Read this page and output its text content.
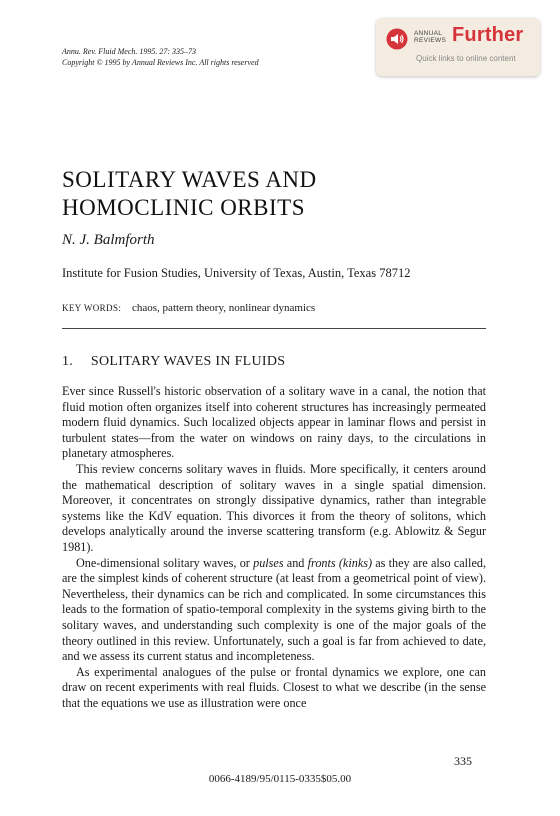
Annu. Rev. Fluid Mech. 1995. 27: 335–73
Copyright © 1995 by Annual Reviews Inc. All rights reserved
ANNUAL
REVIEWS Further
Quick links to online content
SOLITARY WAVES AND
HOMOCLINIC ORBITS
N. J. Balmforth
Institute for Fusion Studies, University of Texas, Austin, Texas 78712
KEY WORDS: chaos, pattern theory, nonlinear dynamics
1. SOLITARY WAVES IN FLUIDS

Ever since Russell's historic observation of a solitary wave in a canal, the notion that fluid motion often organizes itself into coherent structures has increasingly permeated modern fluid dynamics. Such localized objects appear in laminar flows and persist in turbulent states—from the water on windows on rainy days, to the circulations in planetary atmospheres.

This review concerns solitary waves in fluids. More specifically, it centers around the mathematical description of solitary waves in a single spatial dimension. Moreover, it concentrates on strongly dissipative dynamics, rather than integrable systems like the KdV equation. This divorces it from the theory of solitons, which develops analytically around the inverse scattering transform (e.g. Ablowitz & Segur 1981).

One-dimensional solitary waves, or pulses and fronts (kinks) as they are also called, are the simplest kinds of coherent structure (at least from a geometrical point of view). Nevertheless, their dynamics can be rich and complicated. In some circumstances this leads to the formation of spatio-temporal complexity in the systems giving birth to the solitary waves, and understanding such complexity is one of the major goals of the theory outlined in this review. Unfortunately, such a goal is far from achieved to date, and we assess its current status and incompleteness.

As experimental analogues of the pulse or frontal dynamics we explore, one can draw on recent experiments with real fluids. Closest to what we describe (in the sense that the equations we use as illustration were once

335
0066-4189/95/0115-0335$05.00
